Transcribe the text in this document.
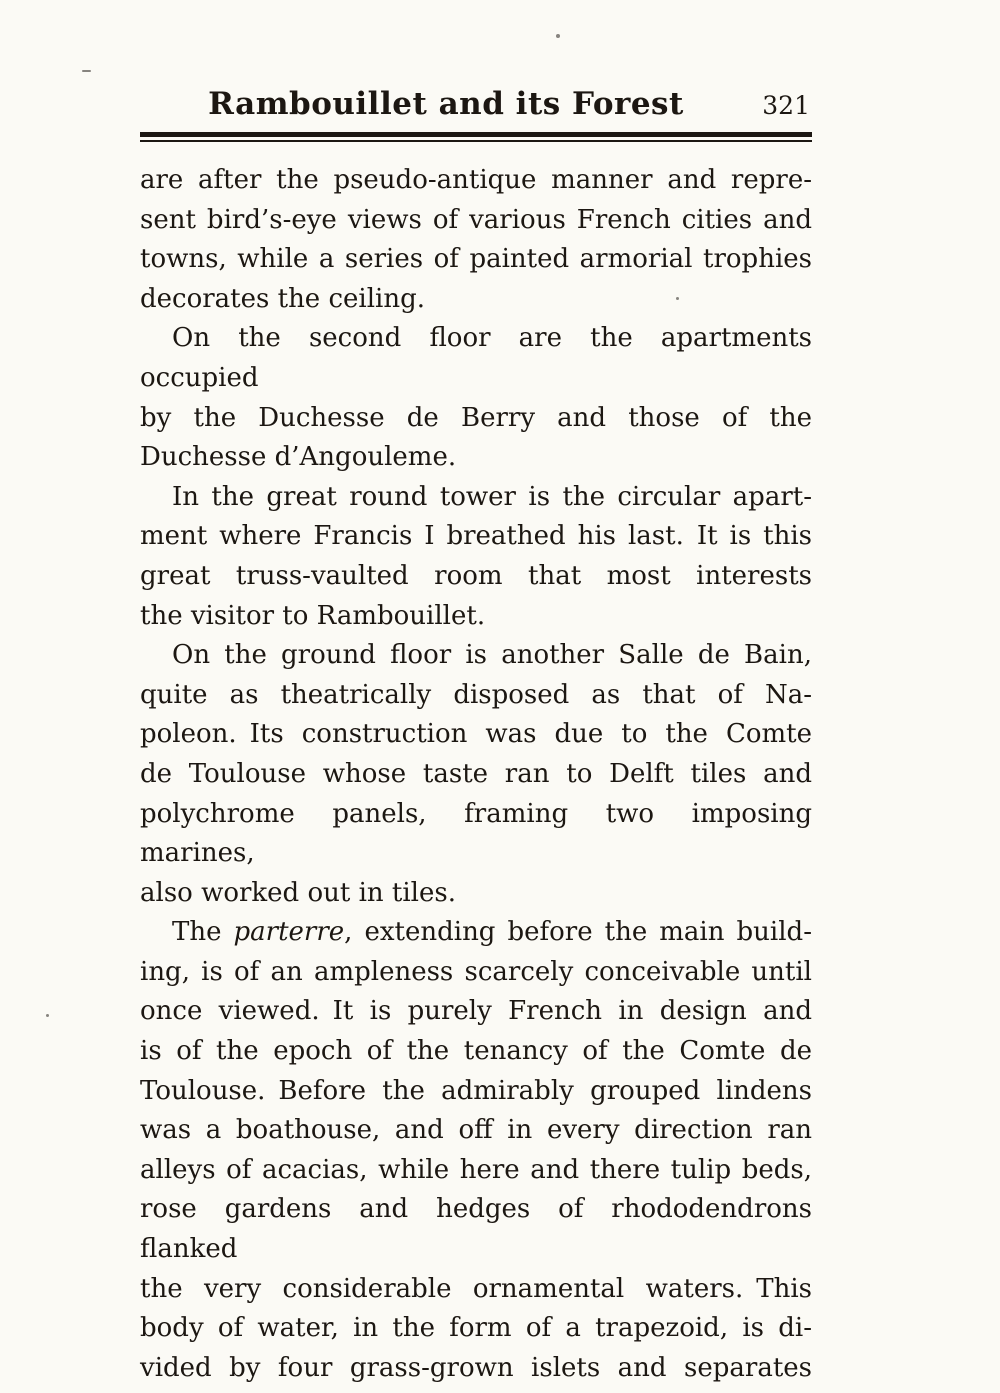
Rambouillet and its Forest	321
are after the pseudo-antique manner and repre-
sent bird’s-eye views of various French cities and
towns, while a series of painted armorial trophies
decorates the ceiling.
On the second floor are the apartments occupied
by the Duchesse de Berry and those of the
Duchesse d’Angouleme.
In the great round tower is the circular apart-
ment where Francis I breathed his last. It is this
great truss-vaulted room that most interests
the visitor to Rambouillet.
On the ground floor is another Salle de Bain,
quite as theatrically disposed as that of Na-
poleon. Its construction was due to the Comte
de Toulouse whose taste ran to Delft tiles and
polychrome panels, framing two imposing marines,
also worked out in tiles.
The parterre, extending before the main build-
ing, is of an ampleness scarcely conceivable until
once viewed. It is purely French in design and
is of the epoch of the tenancy of the Comte de
Toulouse. Before the admirably grouped lindens
was a boathouse, and off in every direction ran
alleys of acacias, while here and there tulip beds,
rose gardens and hedges of rhododendrons flanked
the very considerable ornamental waters. This
body of water, in the form of a trapezoid, is di-
vided by four grass-grown islets and separates
